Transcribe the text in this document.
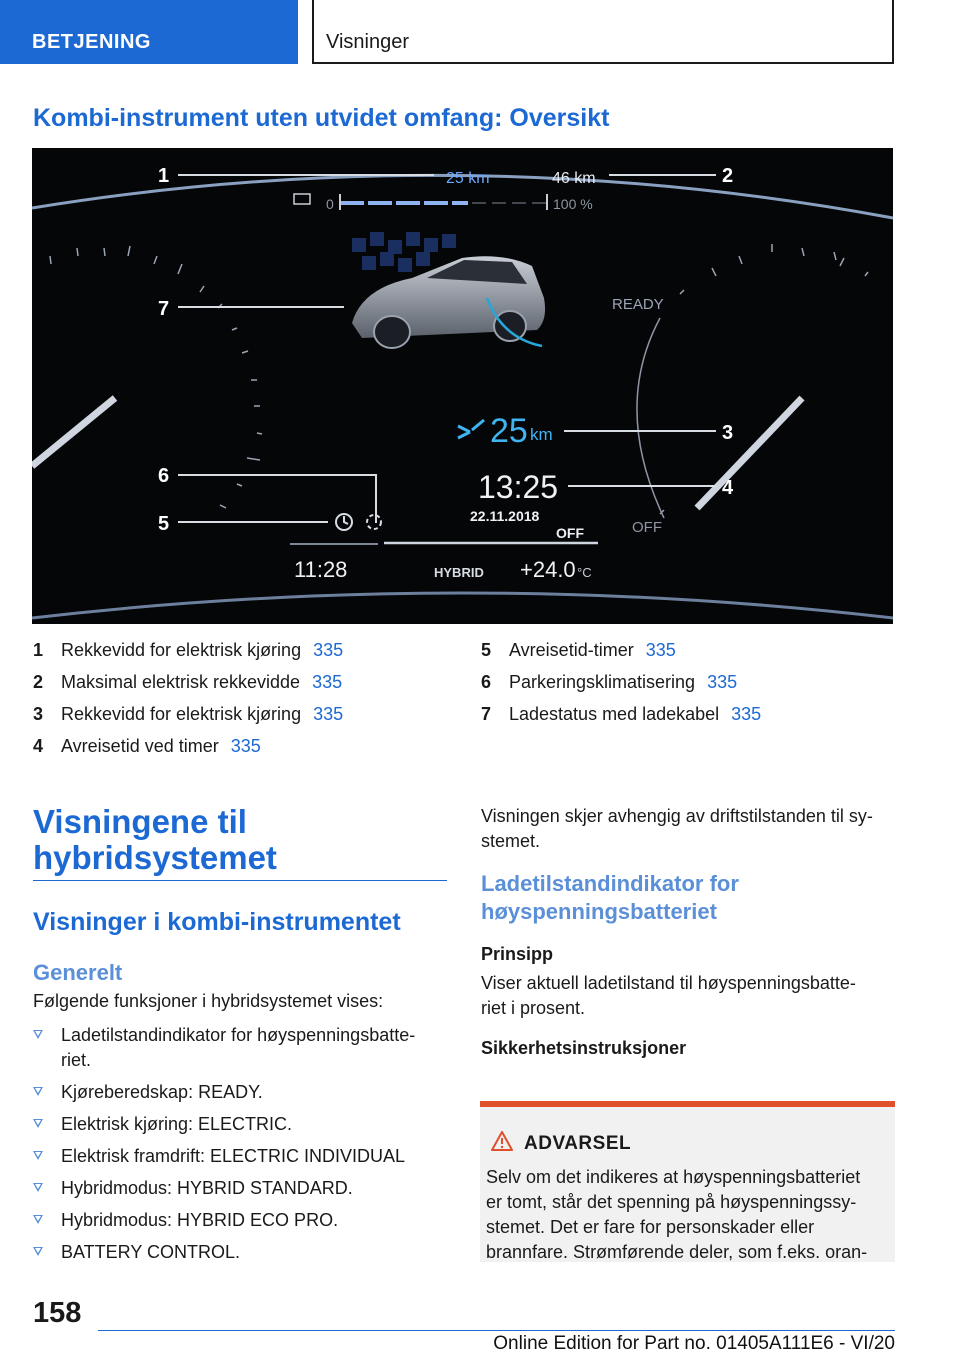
BETJENING	Visninger
Kombi-instrument uten utvidet omfang: Oversikt
1	2
3
4
5
6
7
25 km	46 km
0	100 %
READY
25 km
13:25
22.11.2018
OFF	OFF
11:28	HYBRID +24.0 °C
1 Rekkevidd for elektrisk kjøring 335
2 Maksimal elektrisk rekkevidde 335
3 Rekkevidd for elektrisk kjøring 335
4 Avreisetid ved timer 335
5 Avreisetid-timer 335
6 Parkeringsklimatisering 335
7 Ladestatus med ladekabel 335
Visningene til
hybridsystemet
Visninger i kombi-instrumentet
Generelt
Følgende funksjoner i hybridsystemet vises:
Ladetilstandindikator for høyspenningsbatte-
riet.
Kjøreberedskap: READY.
Elektrisk kjøring: ELECTRIC.
Elektrisk framdrift: ELECTRIC INDIVIDUAL
Hybridmodus: HYBRID STANDARD.
Hybridmodus: HYBRID ECO PRO.
BATTERY CONTROL.
Visningen skjer avhengig av driftstilstanden til sy-
stemet.
Ladetilstandindikator for
høyspenningsbatteriet
Prinsipp
Viser aktuell ladetilstand til høyspenningsbatte-
riet i prosent.
Sikkerhetsinstruksjoner
ADVARSEL
Selv om det indikeres at høyspenningsbatteriet
er tomt, står det spenning på høyspenningssy-
stemet. Det er fare for personskader eller
brannfare. Strømførende deler, som f.eks. oran-
158
Online Edition for Part no. 01405A111E6 - VI/20
